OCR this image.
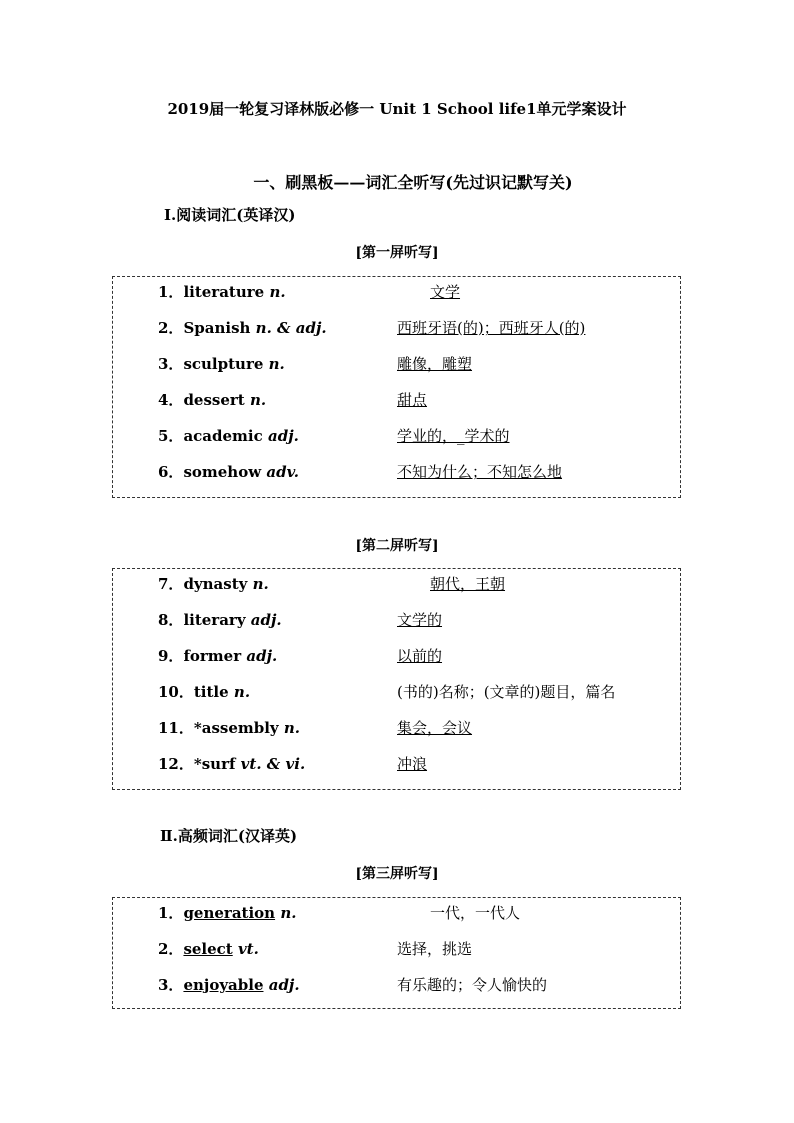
2019届一轮复习译林版必修一 Unit 1 School life1单元学案设计
一、刷黑板——词汇全听写(先过识记默写关)
Ⅰ.阅读词汇(英译汉)
[第一屏听写]
1．literature n.	文学
2．Spanish n. & adj.	西班牙语(的)；西班牙人(的)
3．sculpture n.	雕像，雕塑
4．dessert n.	甜点
5．academic adj.	学业的，_学术的
6．somehow adv.	不知为什么；不知怎么地
[第二屏听写]
7．dynasty n.	朝代，王朝
8．literary adj.	文学的
9．former adj.	以前的
10．title n.	(书的)名称；(文章的)题目，篇名
11．*assembly n.	集会，会议
12．*surf vt. & vi.	冲浪
Ⅱ.高频词汇(汉译英)
[第三屏听写]
1．generation n.	一代，一代人
2．select vt.	选择，挑选
3．enjoyable adj.	有乐趣的；令人愉快的
